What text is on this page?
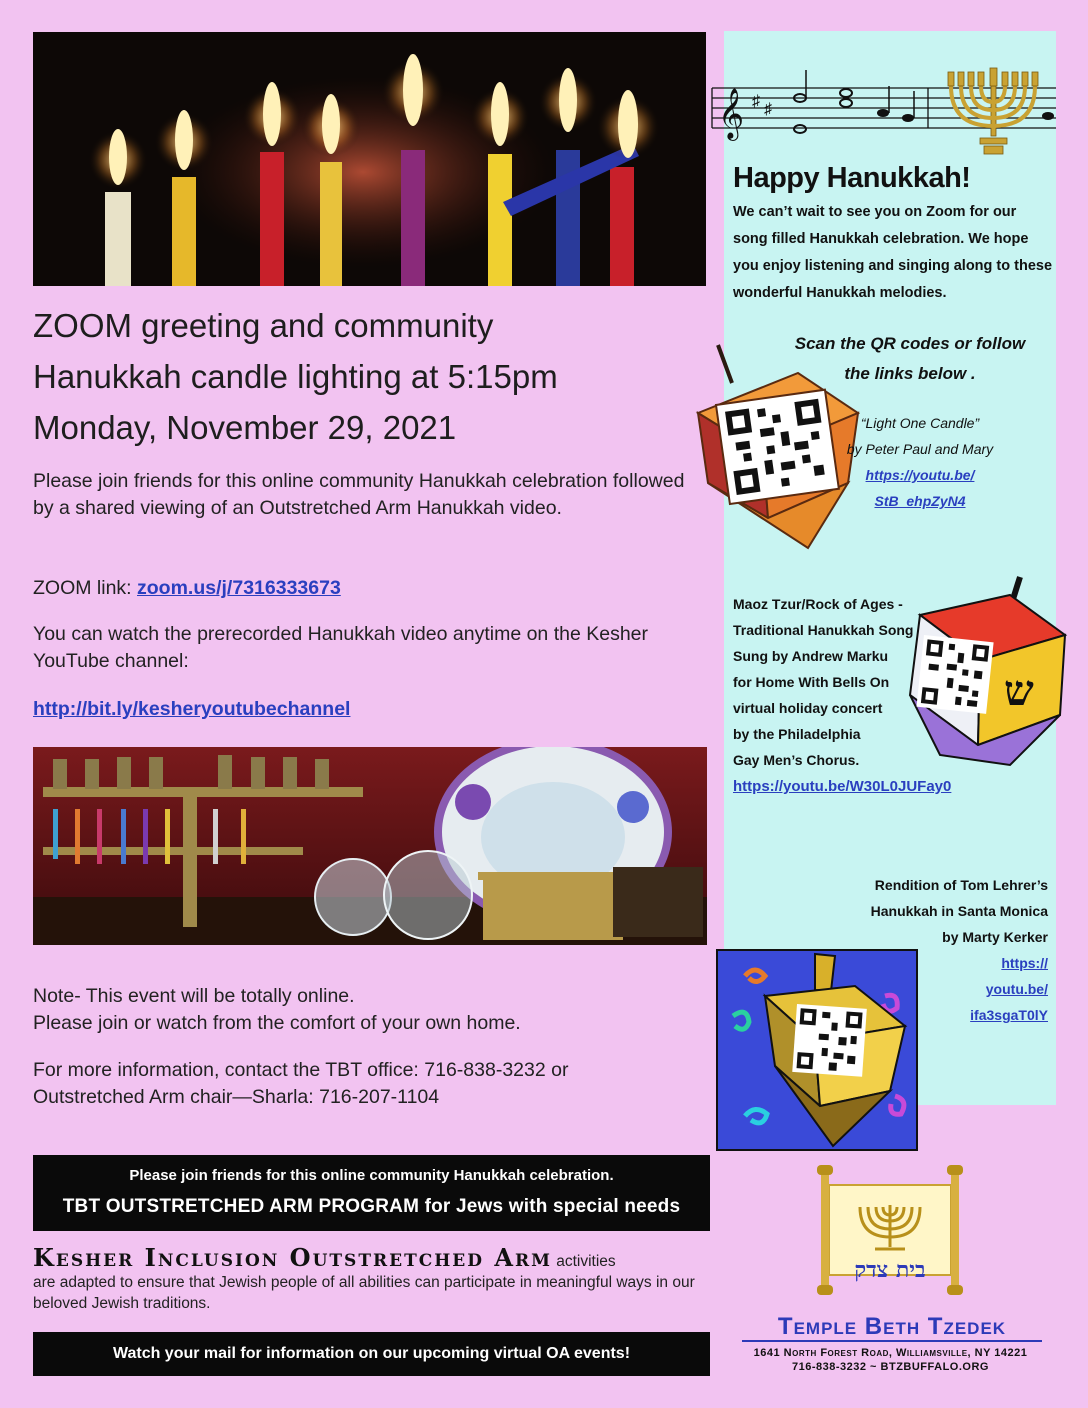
𝄞 ♯ ♯
ZOOM greeting and community
Hanukkah candle lighting at 5:15pm
Monday, November 29, 2021
Please join friends for this online community Hanukkah celebration followed by a shared viewing of an Outstretched Arm Hanukkah video.
ZOOM link: zoom.us/j/7316333673
You can watch the prerecorded Hanukkah video anytime on the Kesher YouTube channel:
http://bit.ly/kesheryoutubechannel
Note- This event will be totally online.
Please join or watch from the comfort of your own home.
For more information, contact the TBT office: 716-838-3232 or
Outstretched Arm chair—Sharla: 716-207-1104
Please join friends for this online community Hanukkah celebration.
TBT OUTSTRETCHED ARM PROGRAM for Jews with special needs
Kesher Inclusion Outstretched Arm activities
are adapted to ensure that Jewish people of all abilities can participate in meaningful ways in our beloved Jewish traditions.
Watch your mail for information on our upcoming virtual OA events!
Happy Hanukkah!
We can’t wait to see you on Zoom for our song filled Hanukkah celebration. We hope you enjoy listening and singing along to these wonderful Hanukkah melodies.
Scan the QR codes or follow
the links below .
“Light One Candle”
by Peter Paul and Mary
https://youtu.be/
StB_ehpZyN4
ש
Maoz Tzur/Rock of Ages -
Traditional Hanukkah Song
Sung by Andrew Marku
for Home With Bells On
virtual holiday concert
by the Philadelphia
Gay Men’s Chorus.
https://youtu.be/W30L0JUFay0
Rendition of Tom Lehrer’s
Hanukkah in Santa Monica
by Marty Kerker
https://
youtu.be/
ifa3sgaT0lY
בית צדק
Temple Beth Tzedek
1641 North Forest Road, Williamsville, NY 14221
716-838-3232 ~ BTZBUFFALO.ORG
